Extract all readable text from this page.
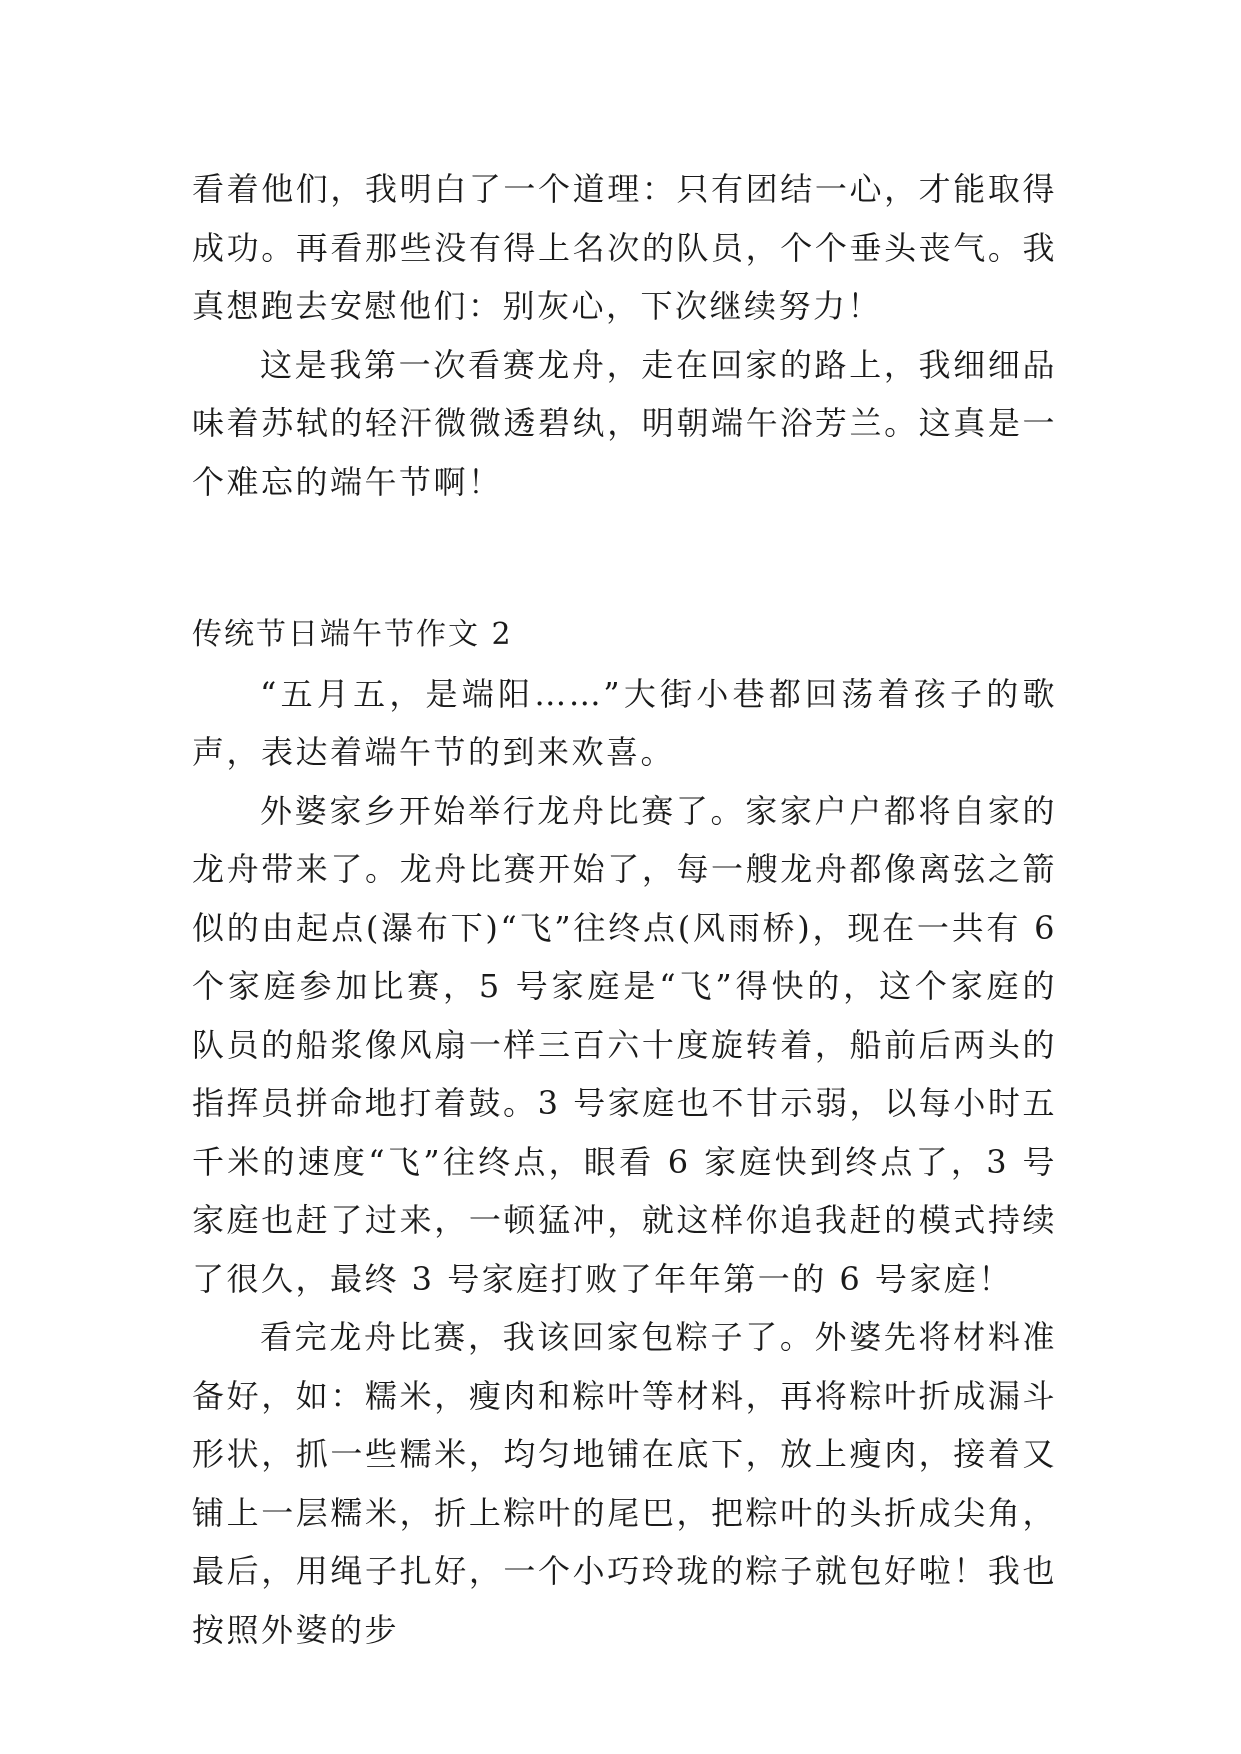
看着他们，我明白了一个道理：只有团结一心，才能取得成功。再看那些没有得上名次的队员，个个垂头丧气。我真想跑去安慰他们：别灰心，下次继续努力！

这是我第一次看赛龙舟，走在回家的路上，我细细品味着苏轼的轻汗微微透碧纨，明朝端午浴芳兰。这真是一个难忘的端午节啊！

传统节日端午节作文 2

“五月五，是端阳……”大街小巷都回荡着孩子的歌声，表达着端午节的到来欢喜。

外婆家乡开始举行龙舟比赛了。家家户户都将自家的龙舟带来了。龙舟比赛开始了，每一艘龙舟都像离弦之箭似的由起点(瀑布下)“飞”往终点(风雨桥)，现在一共有 6 个家庭参加比赛，5 号家庭是“飞”得快的，这个家庭的队员的船浆像风扇一样三百六十度旋转着，船前后两头的指挥员拼命地打着鼓。3 号家庭也不甘示弱，以每小时五千米的速度“飞”往终点，眼看 6 家庭快到终点了，3 号家庭也赶了过来，一顿猛冲，就这样你追我赶的模式持续了很久，最终 3 号家庭打败了年年第一的 6 号家庭！

看完龙舟比赛，我该回家包粽子了。外婆先将材料准备好，如：糯米，瘦肉和粽叶等材料，再将粽叶折成漏斗形状，抓一些糯米，均匀地铺在底下，放上瘦肉，接着又铺上一层糯米，折上粽叶的尾巴，把粽叶的头折成尖角，最后，用绳子扎好，一个小巧玲珑的粽子就包好啦！我也按照外婆的步
